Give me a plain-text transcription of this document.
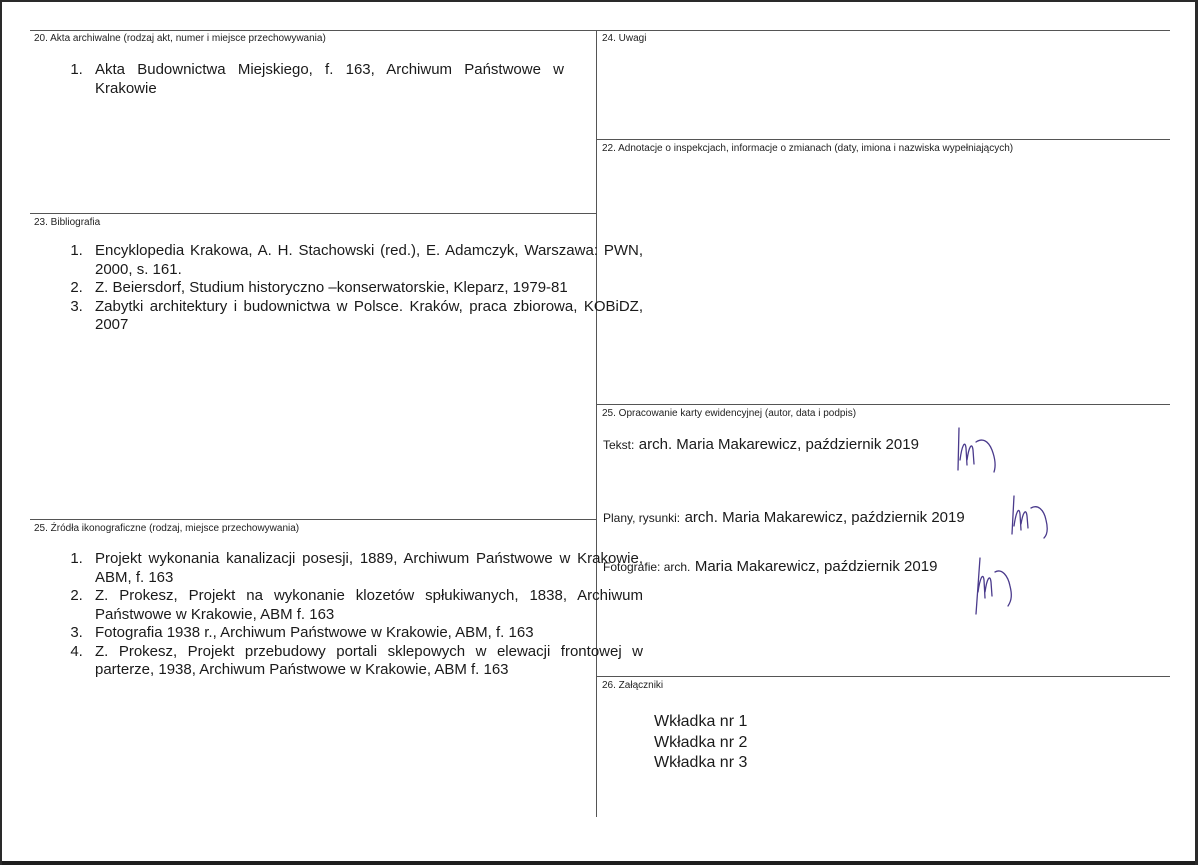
20. Akta archiwalne (rodzaj akt, numer i miejsce przechowywania)
1. Akta Budownictwa Miejskiego, f. 163, Archiwum Państwowe w Krakowie
23. Bibliografia
1. Encyklopedia Krakowa, A. H. Stachowski (red.), E. Adamczyk, Warszawa: PWN, 2000, s. 161.
2. Z. Beiersdorf, Studium historyczno –konserwatorskie, Kleparz, 1979-81
3. Zabytki architektury i budownictwa w Polsce. Kraków, praca zbiorowa, KOBiDZ, 2007
25. Źródła ikonograficzne (rodzaj, miejsce przechowywania)
1. Projekt wykonania kanalizacji posesji, 1889, Archiwum Państwowe w Krakowie, ABM, f. 163
2. Z. Prokesz, Projekt na wykonanie klozetów spłukiwanych, 1838, Archiwum Państwowe w Krakowie, ABM f. 163
3. Fotografia 1938 r., Archiwum Państwowe w Krakowie, ABM, f. 163
4. Z. Prokesz, Projekt przebudowy portali sklepowych w elewacji frontowej w parterze, 1938, Archiwum Państwowe w Krakowie, ABM f. 163
24. Uwagi
22. Adnotacje o inspekcjach, informacje o zmianach (daty, imiona i nazwiska wypełniających)
25. Opracowanie karty ewidencyjnej (autor, data i podpis)
Tekst: arch. Maria Makarewicz, październik 2019
Plany, rysunki: arch. Maria Makarewicz, październik 2019
Fotografie: arch. Maria Makarewicz, październik 2019
26. Załączniki
Wkładka nr 1
Wkładka nr 2
Wkładka nr 3
